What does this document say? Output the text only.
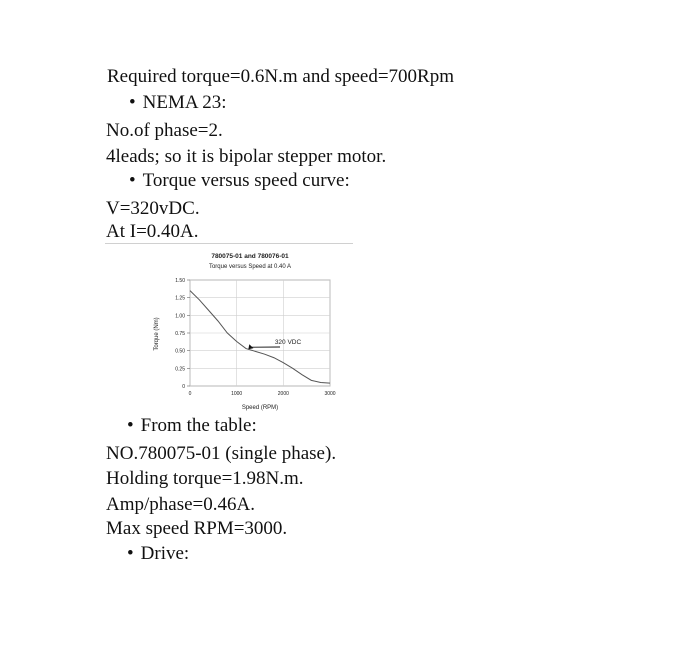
Required torque=0.6N.m and speed=700Rpm
• NEMA 23:
No.of phase=2.
4leads; so it is bipolar stepper motor.
• Torque versus speed curve:
V=320vDC.
At I=0.40A.
780075-01 and 780076-01
Torque versus Speed at 0.40 A
Torque (Nm)
Speed (RPM)
0	1000	2000	3000
0
0.25
0.50
0.75
1.00
1.25
1.50
320 VDC
• From the table:
NO.780075-01 (single phase).
Holding torque=1.98N.m.
Amp/phase=0.46A.
Max speed RPM=3000.
• Drive:
